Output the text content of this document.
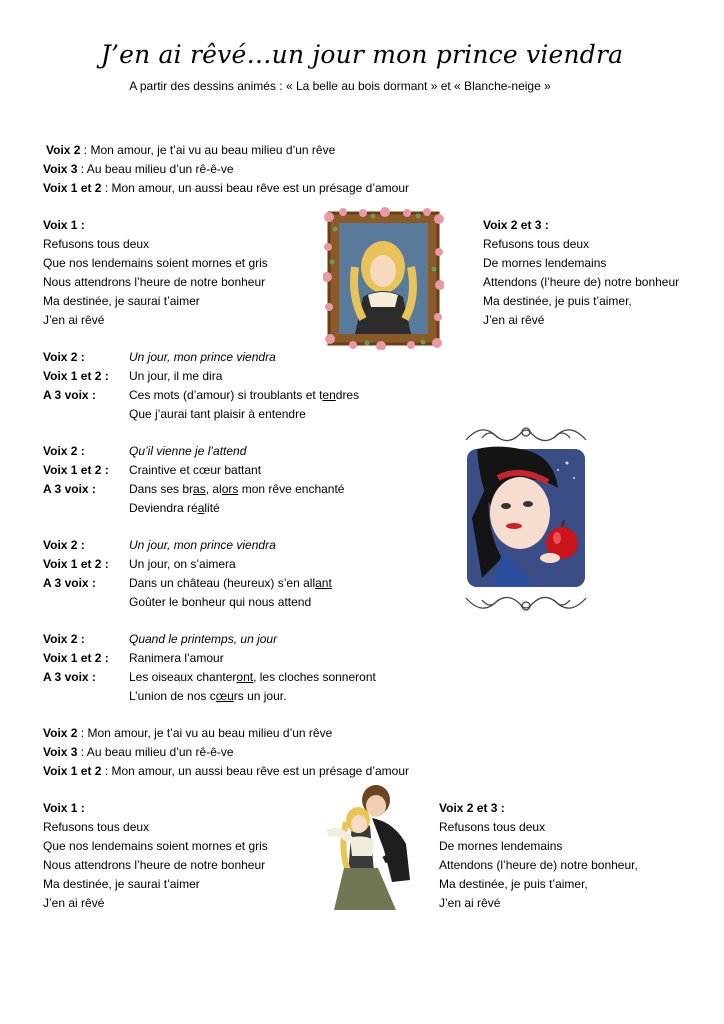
J’en ai rêvé…un jour mon prince viendra
A partir des dessins animés : « La belle au bois dormant » et « Blanche-neige »
Voix 2 : Mon amour, je t’ai vu au beau milieu d’un rêve
Voix 3 : Au beau milieu d’un rê-ê-ve
Voix 1 et 2 : Mon amour, un aussi beau rêve est un présage d’amour
Voix 1 :
Refusons tous deux
Que nos lendemains soient mornes et gris
Nous attendrons l’heure de notre bonheur
Ma destinée, je saurai t’aimer
J’en ai rêvé
Voix 2 et 3 :
Refusons tous deux
De mornes lendemains
Attendons (l’heure de) notre bonheur
Ma destinée, je puis t’aimer,
J’en ai rêvé
Voix 2 :	Un jour, mon prince viendra
Voix 1 et 2 : Un jour, il me dira
A 3 voix :	Ces mots (d’amour) si troublants et tendres
Que j’aurai tant plaisir à entendre
Voix 2 :	Qu’il vienne je l’attend
Voix 1 et 2 : Craintive et cœur battant
A 3 voix :	Dans ses bras, alors mon rêve enchanté
Deviendra réalité
Voix 2 :	Un jour, mon prince viendra
Voix 1 et 2 : Un jour, on s’aimera
A 3 voix :	Dans un château (heureux) s’en allant
Goûter le bonheur qui nous attend
Voix 2 :	Quand le printemps, un jour
Voix 1 et 2 : Ranimera l’amour
A 3 voix :	Les oiseaux chanteront, les cloches sonneront
L’union de nos cœurs un jour.
Voix 2 : Mon amour, je t’ai vu au beau milieu d’un rêve
Voix 3 : Au beau milieu d’un rê-ê-ve
Voix 1 et 2 : Mon amour, un aussi beau rêve est un présage d’amour
Voix 1 :
Refusons tous deux
Que nos lendemains soient mornes et gris
Nous attendrons l’heure de notre bonheur
Ma destinée, je saurai t’aimer
J’en ai rêvé
Voix 2 et 3 :
Refusons tous deux
De mornes lendemains
Attendons (l’heure de) notre bonheur,
Ma destinée, je puis t’aimer,
J’en ai rêvé
